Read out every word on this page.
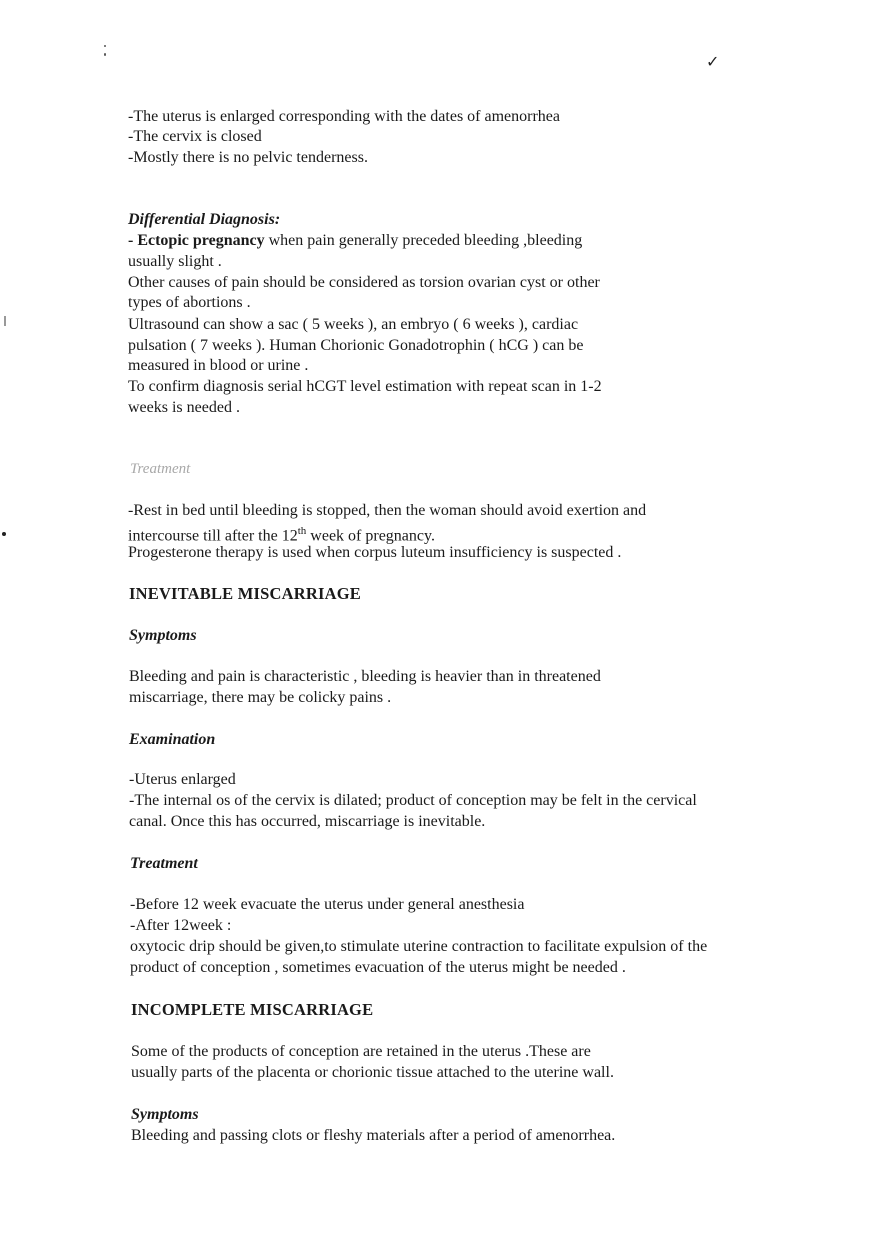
✓
-The uterus is enlarged corresponding with the dates of amenorrhea
-The cervix is closed
-Mostly there is no pelvic tenderness.
Differential Diagnosis:
- Ectopic pregnancy when pain generally preceded bleeding ,bleeding
usually slight .
Other causes of pain should be considered as torsion ovarian cyst or other
types of abortions .
Ultrasound can show a sac ( 5 weeks ), an embryo ( 6 weeks ), cardiac
pulsation ( 7 weeks ). Human Chorionic Gonadotrophin ( hCG ) can be
measured in blood or urine .
To confirm diagnosis serial hCGT level estimation with repeat scan in 1-2
weeks is needed .
Treatment
-Rest in bed until bleeding is stopped, then the woman should avoid exertion and
intercourse till after the 12th week of pregnancy.
Progesterone therapy is used when corpus luteum insufficiency is suspected .
INEVITABLE MISCARRIAGE
Symptoms
Bleeding and pain is characteristic , bleeding is heavier than in threatened
miscarriage, there may be colicky pains .
Examination
-Uterus enlarged
-The internal os of the cervix is dilated; product of conception may be felt in the cervical
canal. Once this has occurred, miscarriage is inevitable.
Treatment
-Before 12 week evacuate the uterus under general anesthesia
-After 12week :
oxytocic drip should be given,to stimulate uterine contraction to facilitate expulsion of the
product of conception , sometimes evacuation of the uterus might be needed .
INCOMPLETE MISCARRIAGE
Some of the products of conception are retained in the uterus .These are
usually parts of the placenta or chorionic tissue attached to the uterine wall.
Symptoms
Bleeding and passing clots or fleshy materials after a period of amenorrhea.
